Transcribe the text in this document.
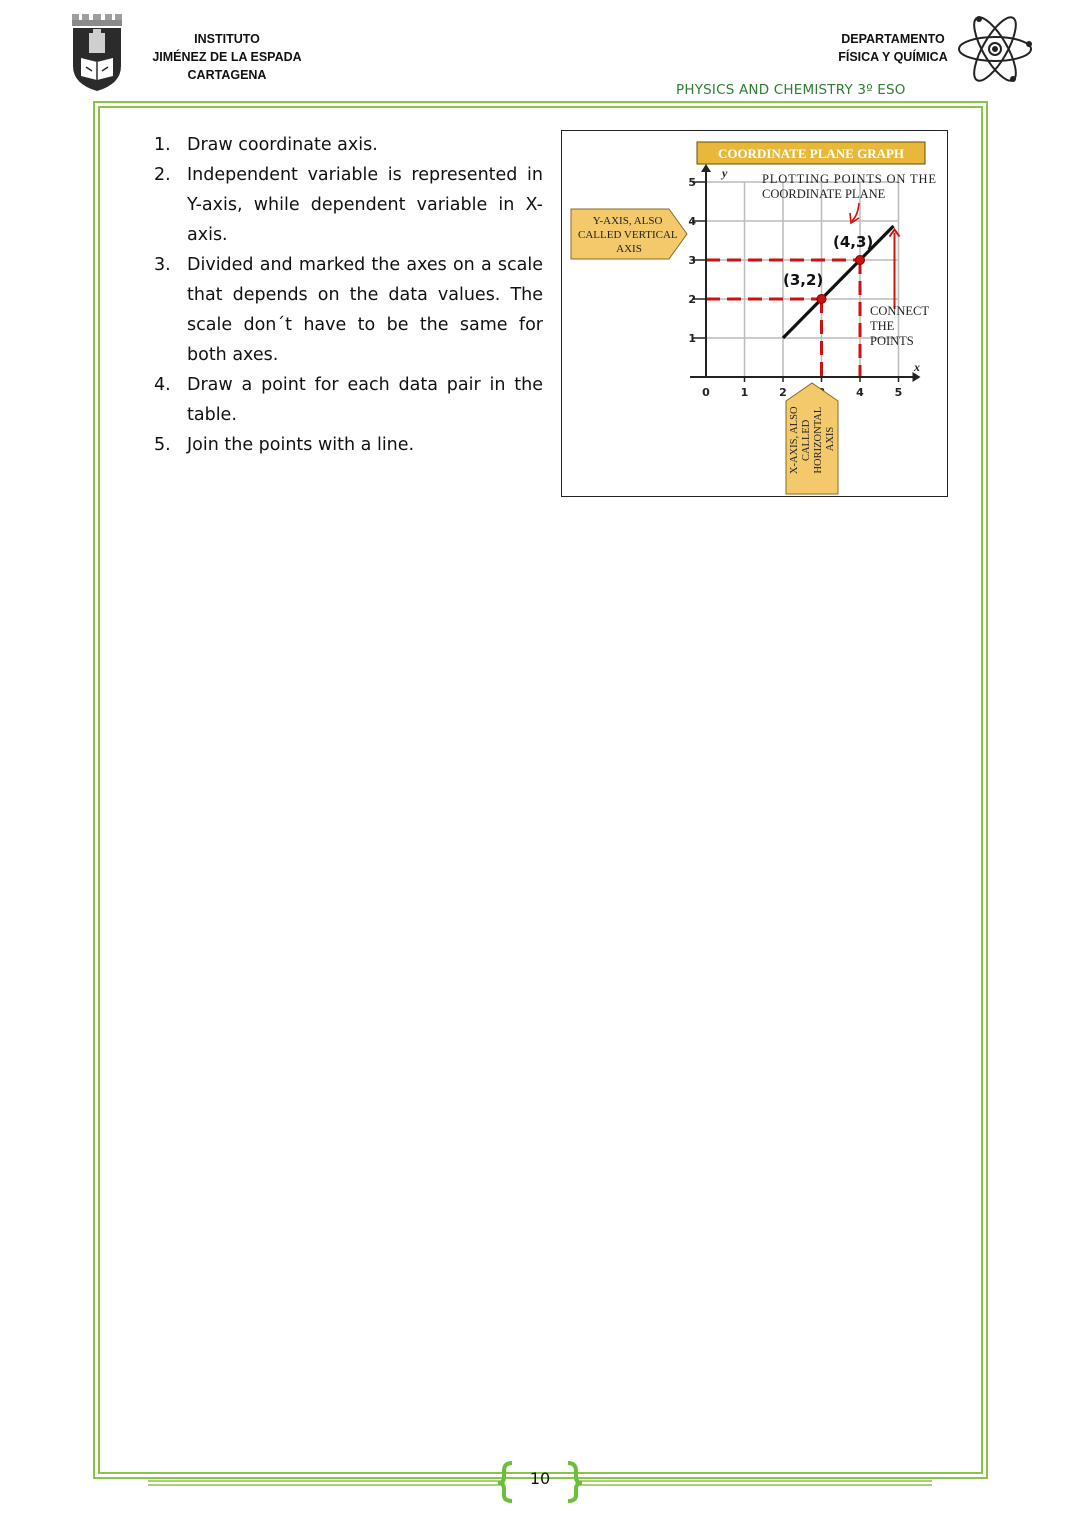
INSTITUTO
JIMÉNEZ DE LA ESPADA
CARTAGENA
DEPARTAMENTO
FÍSICA Y QUÍMICA
PHYSICS AND CHEMISTRY 3º ESO
1. Draw coordinate axis.
2. Independent variable is represented in Y-axis, while dependent variable in X-axis.
3. Divided and marked the axes on a scale that depends on the data values. The scale don´t have to be the same for both axes.
4. Draw a point for each data pair in the table.
5. Join the points with a line.
COORDINATE PLANE GRAPH
1
2
3
4
5
0	1	2	4	5
y
x
PLOTTING POINTS ON THE COORDINATE PLANE
CONNECT THE POINTS
Y-AXIS, ALSO CALLED VERTICAL AXIS
X-AXIS, ALSO CALLED HORIZONTAL AXIS
(3,2)
(4,3)
10
